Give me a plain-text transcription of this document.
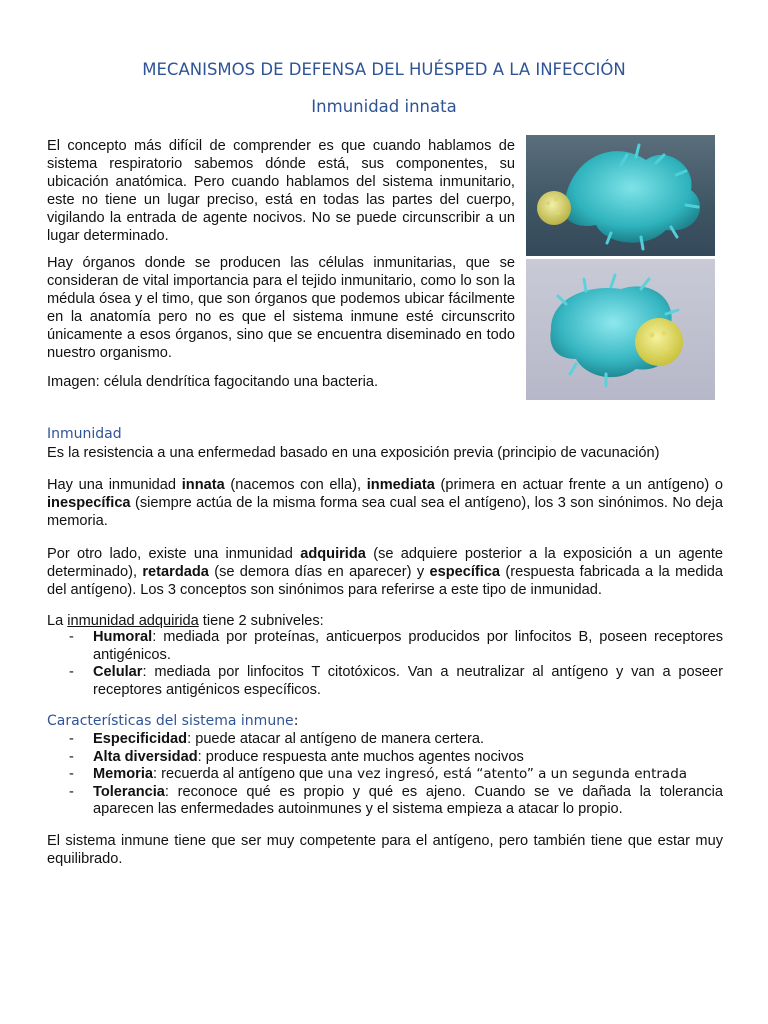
MECANISMOS DE DEFENSA DEL HUÉSPED A LA INFECCIÓN
Inmunidad innata

El concepto más difícil de comprender es que cuando hablamos de sistema respiratorio sabemos dónde está, sus componentes, su ubicación anatómica. Pero cuando hablamos del sistema inmunitario, este no tiene un lugar preciso, está en todas las partes del cuerpo, vigilando la entrada de agente nocivos. No se puede circunscribir a un lugar determinado.

Hay órganos donde se producen las células inmunitarias, que se consideran de vital importancia para el tejido inmunitario, como lo son la médula ósea y el timo, que son órganos que podemos ubicar fácilmente en la anatomía pero no es que el sistema inmune esté circunscrito únicamente a esos órganos, sino que se encuentra diseminado en todo nuestro organismo.

Imagen: célula dendrítica fagocitando una bacteria.

Inmunidad

Es la resistencia a una enfermedad basado en una exposición previa (principio de vacunación)

Hay una inmunidad innata (nacemos con ella), inmediata (primera en actuar frente a un antígeno) o inespecífica (siempre actúa de la misma forma sea cual sea el antígeno), los 3 son sinónimos. No deja memoria.

Por otro lado, existe una inmunidad adquirida (se adquiere posterior a la exposición a un agente determinado), retardada (se demora días en aparecer) y específica (respuesta fabricada a la medida del antígeno). Los 3 conceptos son sinónimos para referirse a este tipo de inmunidad.

La inmunidad adquirida tiene 2 subniveles:

- Humoral: mediada por proteínas, anticuerpos producidos por linfocitos B, poseen receptores antigénicos.
- Celular: mediada por linfocitos T citotóxicos. Van a neutralizar al antígeno y van a poseer receptores antigénicos específicos.
Características del sistema inmune:
- Especificidad: puede atacar al antígeno de manera certera.
- Alta diversidad: produce respuesta ante muchos agentes nocivos
- Memoria: recuerda al antígeno que una vez ingresó, está “atento” a un segunda entrada
- Tolerancia: reconoce qué es propio y qué es ajeno. Cuando se ve dañada la tolerancia aparecen las enfermedades autoinmunes y el sistema empieza a atacar lo propio.

El sistema inmune tiene que ser muy competente para el antígeno, pero también tiene que estar muy equilibrado.
